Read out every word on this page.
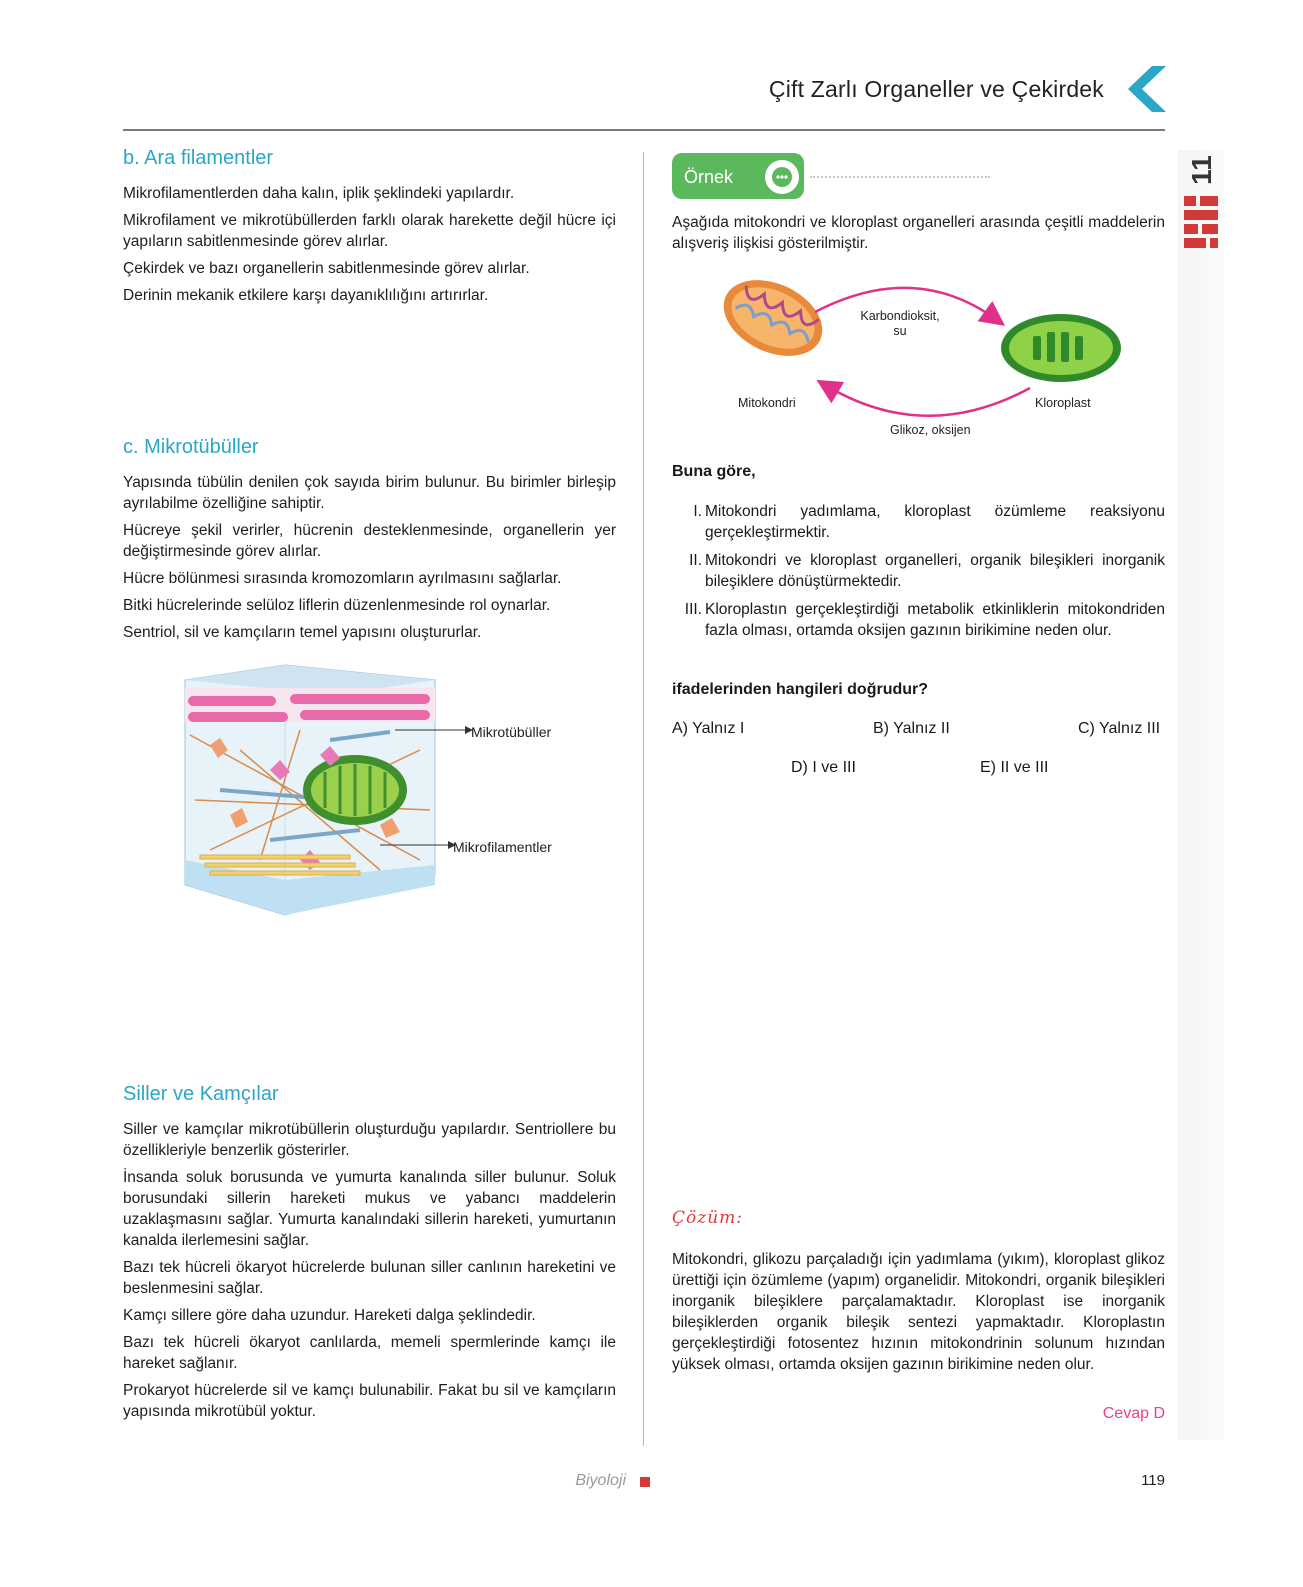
Çift Zarlı Organeller ve Çekirdek
11
b. Ara filamentler

Mikrofilamentlerden daha kalın, iplik şeklindeki yapılardır.

Mikrofilament ve mikrotübüllerden farklı olarak harekette değil hücre içi yapıların sabitlenmesinde görev alırlar.

Çekirdek ve bazı organellerin sabitlenmesinde görev alırlar.

Derinin mekanik etkilere karşı dayanıklılığını artırırlar.

c. Mikrotübüller

Yapısında tübülin denilen çok sayıda birim bulunur. Bu birimler birleşip ayrılabilme özelliğine sahiptir.

Hücreye şekil verirler, hücrenin desteklenmesinde, organellerin yer değiştirmesinde görev alırlar.

Hücre bölünmesi sırasında kromozomların ayrılmasını sağlarlar.

Bitki hücrelerinde selüloz liflerin düzenlenmesinde rol oynarlar.

Sentriol, sil ve kamçıların temel yapısını oluştururlar.

Mikrotübüller
Mikrofilamentler
Siller ve Kamçılar

Siller ve kamçılar mikrotübüllerin oluşturduğu yapılardır. Sentriollere bu özellikleriyle benzerlik gösterirler.

İnsanda soluk borusunda ve yumurta kanalında siller bulunur. Soluk borusundaki sillerin hareketi mukus ve yabancı maddelerin uzaklaşmasını sağlar. Yumurta kanalındaki sillerin hareketi, yumurtanın kanalda ilerlemesini sağlar.

Bazı tek hücreli ökaryot hücrelerde bulunan siller canlının hareketini ve beslenmesini sağlar.

Kamçı sillere göre daha uzundur. Hareketi dalga şeklindedir.

Bazı tek hücreli ökaryot canlılarda, memeli spermlerinde kamçı ile hareket sağlanır.

Prokaryot hücrelerde sil ve kamçı bulunabilir. Fakat bu sil ve kamçıların yapısında mikrotübül yoktur.

Örnek
Aşağıda mitokondri ve kloroplast organelleri arasında çeşitli maddelerin alışveriş ilişkisi gösterilmiştir.
Karbondioksit,
su
Mitokondri	Kloroplast
Glikoz, oksijen
Buna göre,
I. Mitokondri yadımlama, kloroplast özümleme reaksiyonu gerçekleştirmektir.
II. Mitokondri ve kloroplast organelleri, organik bileşikleri inorganik bileşiklere dönüştürmektedir.
III. Kloroplastın gerçekleştirdiği metabolik etkinliklerin mitokondriden fazla olması, ortamda oksijen gazının birikimine neden olur.
ifadelerinden hangileri doğrudur?
A) Yalnız I	B) Yalnız II	C) Yalnız III
D) I ve III	E) II ve III
Çözüm:
Mitokondri, glikozu parçaladığı için yadımlama (yıkım), kloroplast glikoz ürettiği için özümleme (yapım) organelidir. Mitokondri, organik bileşikleri inorganik bileşiklere parçalamaktadır. Kloroplast ise inorganik bileşiklerden organik bileşik sentezi yapmaktadır. Kloroplastın gerçekleştirdiği fotosentez hızının mitokondrinin solunum hızından yüksek olması, ortamda oksijen gazının birikimine neden olur.
Cevap D
Biyoloji	119
